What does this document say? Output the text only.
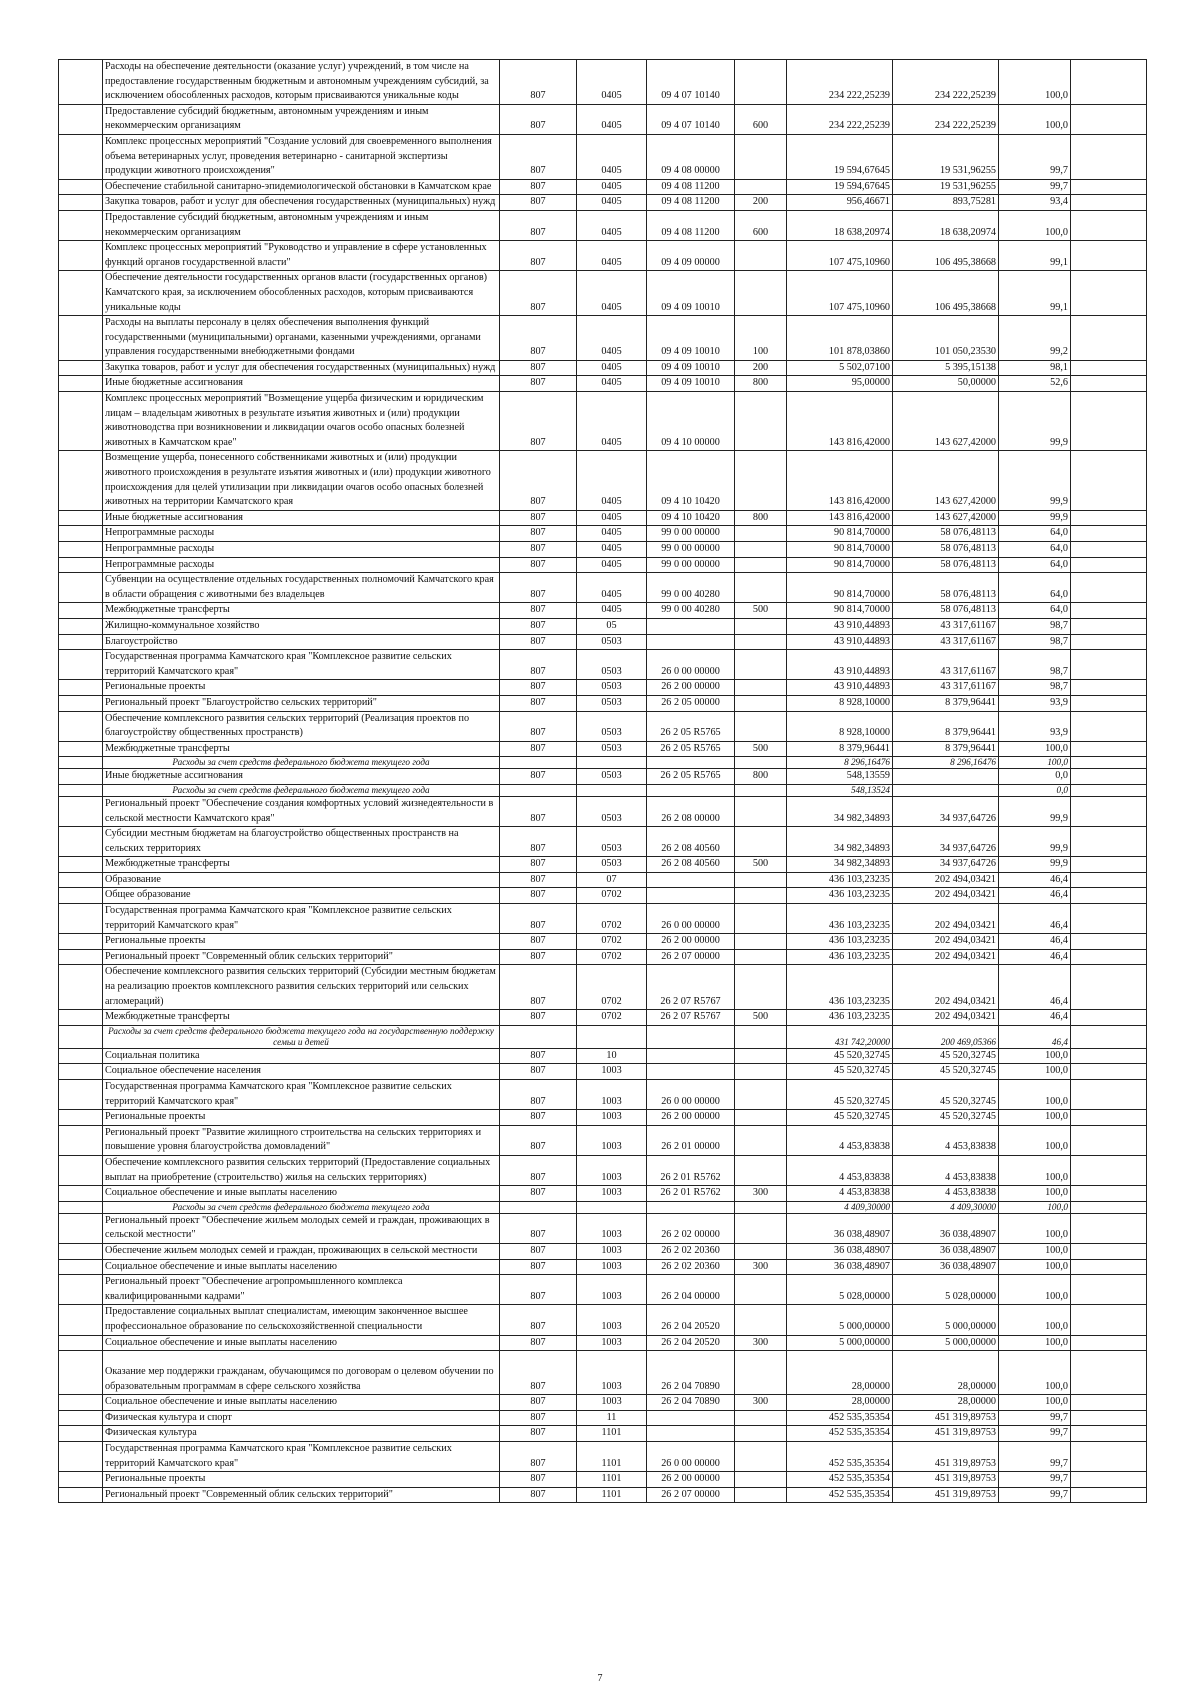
	Расходы на обеспечение деятельности (оказание услуг) учреждений, в том числе на предоставление государственным бюджетным и автономным учреждениям субсидий, за исключением обособленных расходов, которым присваиваются уникальные коды	807	0405	09 4 07 10140		234 222,25239	234 222,25239	100,0	
	Предоставление субсидий бюджетным, автономным учреждениям и иным некоммерческим организациям	807	0405	09 4 07 10140	600	234 222,25239	234 222,25239	100,0	
	Комплекс процессных мероприятий "Создание условий для своевременного выполнения объема ветеринарных услуг, проведения ветеринарно - санитарной экспертизы продукции животного происхождения"	807	0405	09 4 08 00000		19 594,67645	19 531,96255	99,7	
	Обеспечение стабильной санитарно-эпидемиологической обстановки в Камчатском крае	807	0405	09 4 08 11200		19 594,67645	19 531,96255	99,7	
	Закупка товаров, работ и услуг для обеспечения государственных (муниципальных) нужд	807	0405	09 4 08 11200	200	956,46671	893,75281	93,4	
	Предоставление субсидий бюджетным, автономным учреждениям и иным некоммерческим организациям	807	0405	09 4 08 11200	600	18 638,20974	18 638,20974	100,0	
	Комплекс процессных мероприятий "Руководство и управление в сфере установленных функций органов государственной власти"	807	0405	09 4 09 00000		107 475,10960	106 495,38668	99,1	
	Обеспечение деятельности государственных органов власти (государственных органов) Камчатского края, за исключением обособленных расходов, которым присваиваются уникальные коды	807	0405	09 4 09 10010		107 475,10960	106 495,38668	99,1	
	Расходы на выплаты персоналу в целях обеспечения выполнения функций государственными (муниципальными) органами, казенными учреждениями, органами управления государственными внебюджетными фондами	807	0405	09 4 09 10010	100	101 878,03860	101 050,23530	99,2	
	Закупка товаров, работ и услуг для обеспечения государственных (муниципальных) нужд	807	0405	09 4 09 10010	200	5 502,07100	5 395,15138	98,1	
	Иные бюджетные ассигнования	807	0405	09 4 09 10010	800	95,00000	50,00000	52,6	
	Комплекс процессных мероприятий "Возмещение ущерба физическим и юридическим лицам – владельцам животных в результате изъятия животных и (или) продукции животноводства при возникновении и ликвидации очагов особо опасных болезней животных в Камчатском крае"	807	0405	09 4 10 00000		143 816,42000	143 627,42000	99,9	
	Возмещение ущерба, понесенного собственниками животных и (или) продукции животного происхождения в результате изъятия животных и (или) продукции животного происхождения для целей утилизации при ликвидации очагов особо опасных болезней животных на территории Камчатского края	807	0405	09 4 10 10420		143 816,42000	143 627,42000	99,9	
	Иные бюджетные ассигнования	807	0405	09 4 10 10420	800	143 816,42000	143 627,42000	99,9	
	Непрограммные расходы	807	0405	99 0 00 00000		90 814,70000	58 076,48113	64,0	
	Непрограммные расходы	807	0405	99 0 00 00000		90 814,70000	58 076,48113	64,0	
	Непрограммные расходы	807	0405	99 0 00 00000		90 814,70000	58 076,48113	64,0	
	Субвенции на осуществление отдельных государственных полномочий Камчатского края в области обращения с животными без владельцев	807	0405	99 0 00 40280		90 814,70000	58 076,48113	64,0	
	Межбюджетные трансферты	807	0405	99 0 00 40280	500	90 814,70000	58 076,48113	64,0	
	Жилищно-коммунальное хозяйство	807	05			43 910,44893	43 317,61167	98,7	
	Благоустройство	807	0503			43 910,44893	43 317,61167	98,7	
	Государственная программа Камчатского края "Комплексное развитие сельских территорий Камчатского края"	807	0503	26 0 00 00000		43 910,44893	43 317,61167	98,7	
	Региональные проекты	807	0503	26 2 00 00000		43 910,44893	43 317,61167	98,7	
	Региональный проект "Благоустройство сельских территорий"	807	0503	26 2 05 00000		8 928,10000	8 379,96441	93,9	
	Обеспечение комплексного развития сельских территорий (Реализация проектов по благоустройству общественных пространств)	807	0503	26 2 05 R5765		8 928,10000	8 379,96441	93,9	
	Межбюджетные трансферты	807	0503	26 2 05 R5765	500	8 379,96441	8 379,96441	100,0	
	Расходы за счет средств федерального бюджета текущего года					8 296,16476	8 296,16476	100,0	
	Иные бюджетные ассигнования	807	0503	26 2 05 R5765	800	548,13559		0,0	
	Расходы за счет средств федерального бюджета текущего года					548,13524		0,0	
	Региональный проект "Обеспечение создания комфортных условий жизнедеятельности в сельской местности Камчатского края"	807	0503	26 2 08 00000		34 982,34893	34 937,64726	99,9	
	Субсидии местным бюджетам на благоустройство общественных пространств на сельских территориях	807	0503	26 2 08 40560		34 982,34893	34 937,64726	99,9	
	Межбюджетные трансферты	807	0503	26 2 08 40560	500	34 982,34893	34 937,64726	99,9	
	Образование	807	07			436 103,23235	202 494,03421	46,4	
	Общее образование	807	0702			436 103,23235	202 494,03421	46,4	
	Государственная программа Камчатского края "Комплексное развитие сельских территорий Камчатского края"	807	0702	26 0 00 00000		436 103,23235	202 494,03421	46,4	
	Региональные проекты	807	0702	26 2 00 00000		436 103,23235	202 494,03421	46,4	
	Региональный проект "Современный облик сельских территорий"	807	0702	26 2 07 00000		436 103,23235	202 494,03421	46,4	
	Обеспечение комплексного развития сельских территорий (Субсидии местным бюджетам на реализацию проектов комплексного развития сельских территорий или сельских агломераций)	807	0702	26 2 07 R5767		436 103,23235	202 494,03421	46,4	
	Межбюджетные трансферты	807	0702	26 2 07 R5767	500	436 103,23235	202 494,03421	46,4	
	Расходы за счет средств федерального бюджета текущего года на государственную поддержку семьи и детей					431 742,20000	200 469,05366	46,4	
	Социальная политика	807	10			45 520,32745	45 520,32745	100,0	
	Социальное обеспечение населения	807	1003			45 520,32745	45 520,32745	100,0	
	Государственная программа Камчатского края "Комплексное развитие сельских территорий Камчатского края"	807	1003	26 0 00 00000		45 520,32745	45 520,32745	100,0	
	Региональные проекты	807	1003	26 2 00 00000		45 520,32745	45 520,32745	100,0	
	Региональный проект "Развитие жилищного строительства на сельских территориях и повышение уровня благоустройства домовладений"	807	1003	26 2 01 00000		4 453,83838	4 453,83838	100,0	
	Обеспечение комплексного развития сельских территорий (Предоставление социальных выплат на приобретение (строительство) жилья на сельских территориях)	807	1003	26 2 01 R5762		4 453,83838	4 453,83838	100,0	
	Социальное обеспечение и иные выплаты населению	807	1003	26 2 01 R5762	300	4 453,83838	4 453,83838	100,0	
	Расходы за счет средств федерального бюджета текущего года					4 409,30000	4 409,30000	100,0	
	Региональный проект "Обеспечение жильем молодых семей и граждан, проживающих в сельской местности"	807	1003	26 2 02 00000		36 038,48907	36 038,48907	100,0	
	Обеспечение жильем молодых семей и граждан, проживающих в сельской местности	807	1003	26 2 02 20360		36 038,48907	36 038,48907	100,0	
	Социальное обеспечение и иные выплаты населению	807	1003	26 2 02 20360	300	36 038,48907	36 038,48907	100,0	
	Региональный проект "Обеспечение агропромышленного комплекса квалифицированными кадрами"	807	1003	26 2 04 00000		5 028,00000	5 028,00000	100,0	
	Предоставление социальных выплат специалистам, имеющим законченное высшее профессиональное образование по сельскохозяйственной специальности	807	1003	26 2 04 20520		5 000,00000	5 000,00000	100,0	
	Социальное обеспечение и иные выплаты населению	807	1003	26 2 04 20520	300	5 000,00000	5 000,00000	100,0	
	Оказание мер поддержки гражданам, обучающимся по договорам о целевом обучении по образовательным программам в сфере сельского хозяйства	807	1003	26 2 04 70890		28,00000	28,00000	100,0	
	Социальное обеспечение и иные выплаты населению	807	1003	26 2 04 70890	300	28,00000	28,00000	100,0	
	Физическая культура и спорт	807	11			452 535,35354	451 319,89753	99,7	
	Физическая культура	807	1101			452 535,35354	451 319,89753	99,7	
	Государственная программа Камчатского края "Комплексное развитие сельских территорий Камчатского края"	807	1101	26 0 00 00000		452 535,35354	451 319,89753	99,7	
	Региональные проекты	807	1101	26 2 00 00000		452 535,35354	451 319,89753	99,7	
	Региональный проект "Современный облик сельских территорий"	807	1101	26 2 07 00000		452 535,35354	451 319,89753	99,7	
7
